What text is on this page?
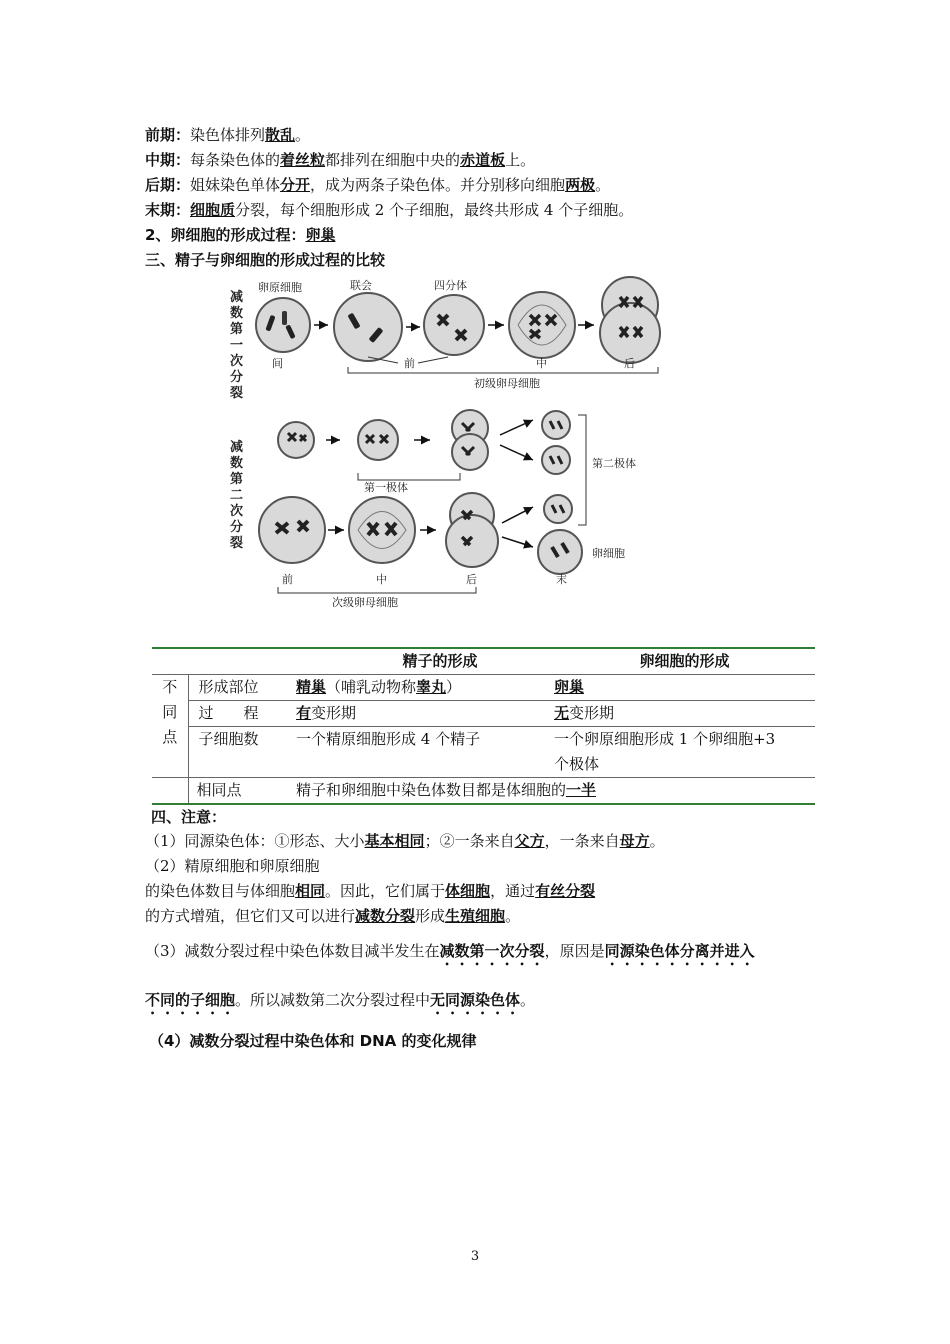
前期：染色体排列散乱。
中期：每条染色体的着丝粒都排列在细胞中央的赤道板上。
后期：姐妹染色单体分开，成为两条子染色体。并分别移向细胞两极。
末期：细胞质分裂，每个细胞形成 2 个子细胞，最终共形成 4 个子细胞。
2、卵细胞的形成过程：卵巢
三、精子与卵细胞的形成过程的比较
减
数
第
一
次
分
裂
减
数
第
二
次
分
裂
卵原细胞	联会	四分体
间	前	中	后
初级卵母细胞
第一极体
第二极体
卵细胞
前	中	后	末
次级卵母细胞
		精子的形成	卵细胞的形成

不
同
点	形成部位	精巢（哺乳动物称睾丸）	卵巢
	过　　程	有变形期	无变形期
	子细胞数	一个精原细胞形成 4 个精子	一个卵原细胞形成 1 个卵细胞+3
个极体

	相同点	精子和卵细胞中染色体数目都是体细胞的一半	
四、注意：
（1）同源染色体：①形态、大小基本相同；②一条来自父方，一条来自母方。
（2）精原细胞和卵原细胞
的染色体数目与体细胞相同。因此，它们属于体细胞，通过有丝分裂
的方式增殖，但它们又可以进行减数分裂形成生殖细胞。
（3）减数分裂过程中染色体数目减半发生在减数第一次分裂，原因是同源染色体分离并进入
不同的子细胞。所以减数第二次分裂过程中无同源染色体。
（4）减数分裂过程中染色体和 DNA 的变化规律
3
